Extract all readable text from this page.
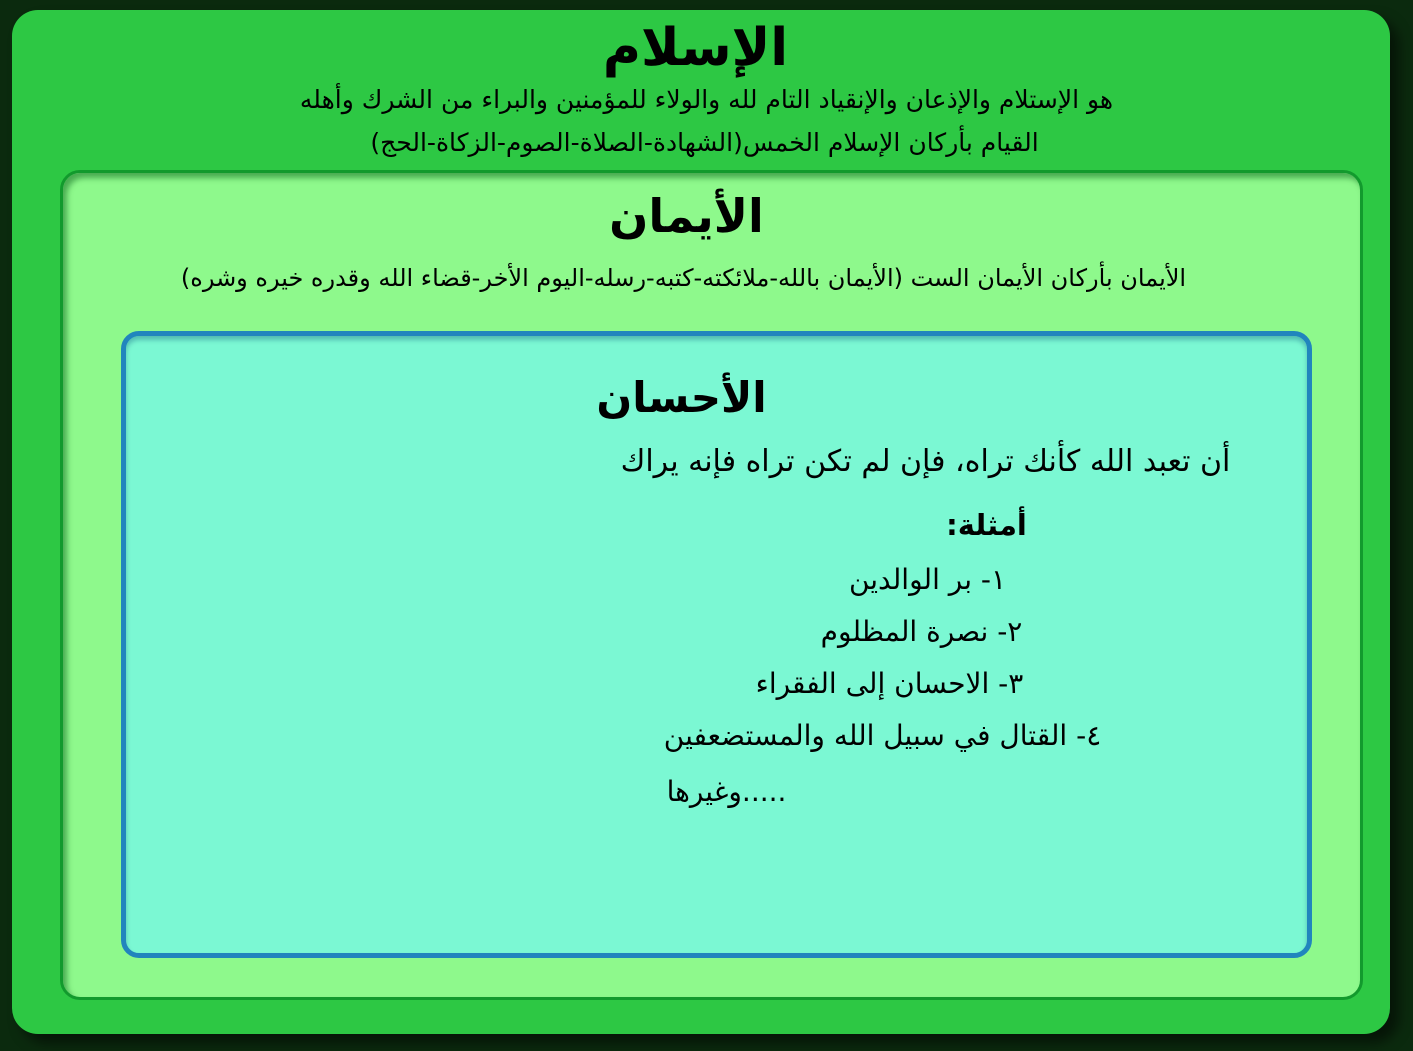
الإسلام
هو الإستلام والإذعان والإنقياد التام لله والولاء للمؤمنين والبراء من الشرك وأهله
القيام بأركان الإسلام الخمس(الشهادة-الصلاة-الصوم-الزكاة-الحج)
الأيمان
الأيمان بأركان الأيمان الست (الأيمان بالله-ملائكته-كتبه-رسله-اليوم الأخر-قضاء الله وقدره خيره وشره)
الأحسان
أن تعبد الله كأنك تراه، فإن لم تكن تراه فإنه يراك
أمثلة:
١- بر الوالدين
٢- نصرة المظلوم
٣- الاحسان إلى الفقراء
٤- القتال في سبيل الله والمستضعفين
وغيرها.....
